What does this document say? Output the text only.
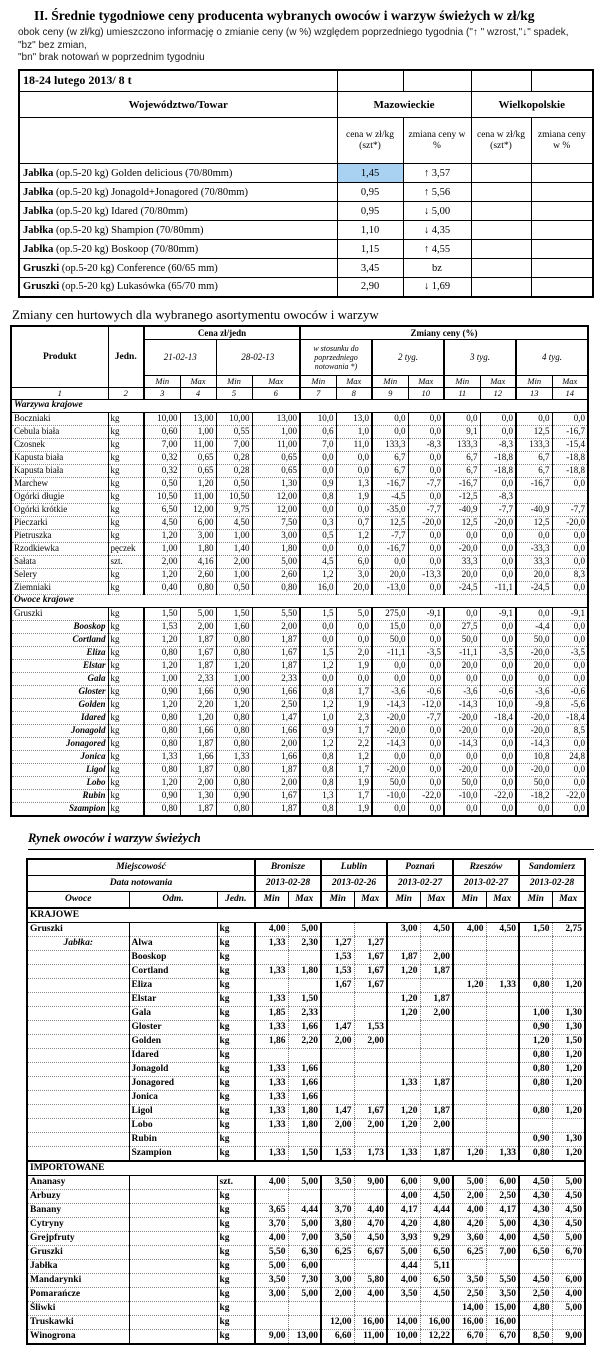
II. Średnie tygodniowe ceny producenta wybranych owoców i warzyw świeżych w zł/kg

obok ceny (w zł/kg) umieszczono informację o zmianie ceny (w %) względem poprzedniego tygodnia ("↑ " wzrost,"↓" spadek, "bz" bez zmian,

"bn" brak notowań w poprzednim tygodniu

18-24 lutego 2013/ 8 t				
Województwo/Towar	Mazowieckie		Wielkopolskie	
	cena w zł/kg (szt*)	zmiana ceny w %	cena w zł/kg (szt*)	zmiana ceny w %
Jabłka (op.5-20 kg) Golden delicious (70/80mm)	1,45	↑ 3,57		
Jabłka (op.5-20 kg) Jonagold+Jonagored (70/80mm)	0,95	↑ 5,56		
Jabłka (op.5-20 kg) Idared (70/80mm)	0,95	↓ 5,00		
Jabłka (op.5-20 kg) Shampion (70/80mm)	1,10	↓ 4,35		
Jabłka (op.5-20 kg) Boskoop (70/80mm)	1,15	↑ 4,55		
Gruszki (op.5-20 kg) Conference (60/65 mm)	3,45	bz		
Gruszki (op.5-20 kg) Lukasówka (65/70 mm)	2,90	↓ 1,69		
Zmiany cen hurtowych dla wybranego asortymentu owoców i warzyw
Produkt	Jedn.	Cena zł/jedn				Zmiany ceny (%)							
		21-02-13		28-02-13		w stosunku do poprzedniego notowania *)		2 tyg.		3 tyg.		4 tyg.	
		Min	Max	Min	Max	Min	Max	Min	Max	Min	Max	Min	Max
1	2	3	4	5	6	7	8	9	10	11	12	13	14
Warzywa krajowe													
Boczniaki	kg	10,00	13,00	10,00	13,00	10,0	13,0	0,0	0,0	0,0	0,0	0,0	0,0
Cebula biała	kg	0,60	1,00	0,55	1,00	0,6	1,0	0,0	0,0	9,1	0,0	12,5	-16,7
Czosnek	kg	7,00	11,00	7,00	11,00	7,0	11,0	133,3	-8,3	133,3	-8,3	133,3	-15,4
Kapusta biała	kg	0,32	0,65	0,28	0,65	0,0	0,0	6,7	0,0	6,7	-18,8	6,7	-18,8
Kapusta biała	kg	0,32	0,65	0,28	0,65	0,0	0,0	6,7	0,0	6,7	-18,8	6,7	-18,8
Marchew	kg	0,50	1,20	0,50	1,30	0,9	1,3	-16,7	-7,7	-16,7	0,0	-16,7	0,0
Ogórki długie	kg	10,50	11,00	10,50	12,00	0,8	1,9	-4,5	0,0	-12,5	-8,3		
Ogórki krótkie	kg	6,50	12,00	9,75	12,00	0,0	0,0	-35,0	-7,7	-40,9	-7,7	-40,9	-7,7
Pieczarki	kg	4,50	6,00	4,50	7,50	0,3	0,7	12,5	-20,0	12,5	-20,0	12,5	-20,0
Pietruszka	kg	1,20	3,00	1,00	3,00	0,5	1,2	-7,7	0,0	0,0	0,0	0,0	0,0
Rzodkiewka	pęczek	1,00	1,80	1,40	1,80	0,0	0,0	-16,7	0,0	-20,0	0,0	-33,3	0,0
Sałata	szt.	2,00	4,16	2,00	5,00	4,5	6,0	0,0	0,0	33,3	0,0	33,3	0,0
Selery	kg	1,20	2,60	1,00	2,60	1,2	3,0	20,0	-13,3	20,0	0,0	20,0	8,3
Ziemniaki	kg	0,40	0,80	0,50	0,80	16,0	20,0	-13,0	0,0	-24,5	-11,1	-24,5	0,0
Owoce krajowe													
Gruszki	kg	1,50	5,00	1,50	5,50	1,5	5,0	275,0	-9,1	0,0	-9,1	0,0	-9,1
Booskop	kg	1,53	2,00	1,60	2,00	0,0	0,0	15,0	0,0	27,5	0,0	-4,4	0,0
Cortland	kg	1,20	1,87	0,80	1,87	0,0	0,0	50,0	0,0	50,0	0,0	50,0	0,0
Eliza	kg	0,80	1,67	0,80	1,67	1,5	2,0	-11,1	-3,5	-11,1	-3,5	-20,0	-3,5
Elstar	kg	1,20	1,87	1,20	1,87	1,2	1,9	0,0	0,0	20,0	0,0	20,0	0,0
Gala	kg	1,00	2,33	1,00	2,33	0,0	0,0	0,0	0,0	0,0	0,0	0,0	0,0
Gloster	kg	0,90	1,66	0,90	1,66	0,8	1,7	-3,6	-0,6	-3,6	-0,6	-3,6	-0,6
Golden	kg	1,20	2,20	1,20	2,50	1,2	1,9	-14,3	-12,0	-14,3	10,0	-9,8	-5,6
Idared	kg	0,80	1,20	0,80	1,47	1,0	2,3	-20,0	-7,7	-20,0	-18,4	-20,0	-18,4
Jonagold	kg	0,80	1,66	0,80	1,66	0,9	1,7	-20,0	0,0	-20,0	0,0	-20,0	8,5
Jonagored	kg	0,80	1,87	0,80	2,00	1,2	2,2	-14,3	0,0	-14,3	0,0	-14,3	0,0
Jonica	kg	1,33	1,66	1,33	1,66	0,8	1,2	0,0	0,0	0,0	0,0	10,8	24,8
Ligol	kg	0,80	1,87	0,80	1,87	0,8	1,7	-20,0	0,0	-20,0	0,0	-20,0	0,0
Lobo	kg	1,20	2,00	0,80	2,00	0,8	1,9	50,0	0,0	50,0	0,0	50,0	0,0
Rubin	kg	0,90	1,30	0,90	1,67	1,3	1,7	-10,0	-22,0	-10,0	-22,0	-18,2	-22,0
Szampion	kg	0,80	1,87	0,80	1,87	0,8	1,9	0,0	0,0	0,0	0,0	0,0	0,0
Rynek owoców i warzyw świeżych
Miejscowość			Bronisze		Lublin		Poznań		Rzeszów		Sandomierz	
Data notowania			2013-02-28		2013-02-26		2013-02-27		2013-02-27		2013-02-28	
Owoce	Odm.	Jedn.	Min	Max	Min	Max	Min	Max	Min	Max	Min	Max
KRAJOWE												
Gruszki		kg	4,00	5,00			3,00	4,50	4,00	4,50	1,50	2,75
Jabłka:	Alwa	kg	1,33	2,30	1,27	1,27						
	Booskop	kg			1,53	1,67	1,87	2,00				
	Cortland	kg	1,33	1,80	1,53	1,67	1,20	1,87				
	Eliza	kg			1,67	1,67			1,20	1,33	0,80	1,20
	Elstar	kg	1,33	1,50			1,20	1,87				
	Gala	kg	1,85	2,33			1,20	2,00			1,00	1,30
	Gloster	kg	1,33	1,66	1,47	1,53					0,90	1,30
	Golden	kg	1,86	2,20	2,00	2,00					1,20	1,50
	Idared	kg									0,80	1,20
	Jonagold	kg	1,33	1,66							0,80	1,20
	Jonagored	kg	1,33	1,66			1,33	1,87			0,80	1,20
	Jonica	kg	1,33	1,66								
	Ligol	kg	1,33	1,80	1,47	1,67	1,20	1,87			0,80	1,20
	Lobo	kg	1,33	1,80	2,00	2,00	1,20	2,00				
	Rubin	kg									0,90	1,30
	Szampion	kg	1,33	1,50	1,53	1,73	1,33	1,87	1,20	1,33	0,80	1,20
IMPORTOWANE												
Ananasy		szt.	4,00	5,00	3,50	9,00	6,00	9,00	5,00	6,00	4,50	5,00
Arbuzy		kg					4,00	4,50	2,00	2,50	4,30	4,50
Banany		kg	3,65	4,44	3,70	4,40	4,17	4,44	4,00	4,17	4,30	4,50
Cytryny		kg	3,70	5,00	3,80	4,70	4,20	4,80	4,20	5,00	4,30	4,50
Grejpfruty		kg	4,00	7,00	3,50	4,50	3,93	9,29	3,60	4,00	4,50	5,00
Gruszki		kg	5,50	6,30	6,25	6,67	5,00	6,50	6,25	7,00	6,50	6,70
Jabłka		kg	5,00	6,00			4,44	5,11				
Mandarynki		kg	3,50	7,30	3,00	5,80	4,00	6,50	3,50	5,50	4,50	6,00
Pomarańcze		kg	3,00	5,00	2,00	4,00	3,50	4,50	2,50	3,50	2,50	4,00
Śliwki		kg							14,00	15,00	4,80	5,00
Truskawki		kg			12,00	16,00	14,00	16,00	16,00	16,00		
Winogrona		kg	9,00	13,00	6,60	11,00	10,00	12,22	6,70	6,70	8,50	9,00
